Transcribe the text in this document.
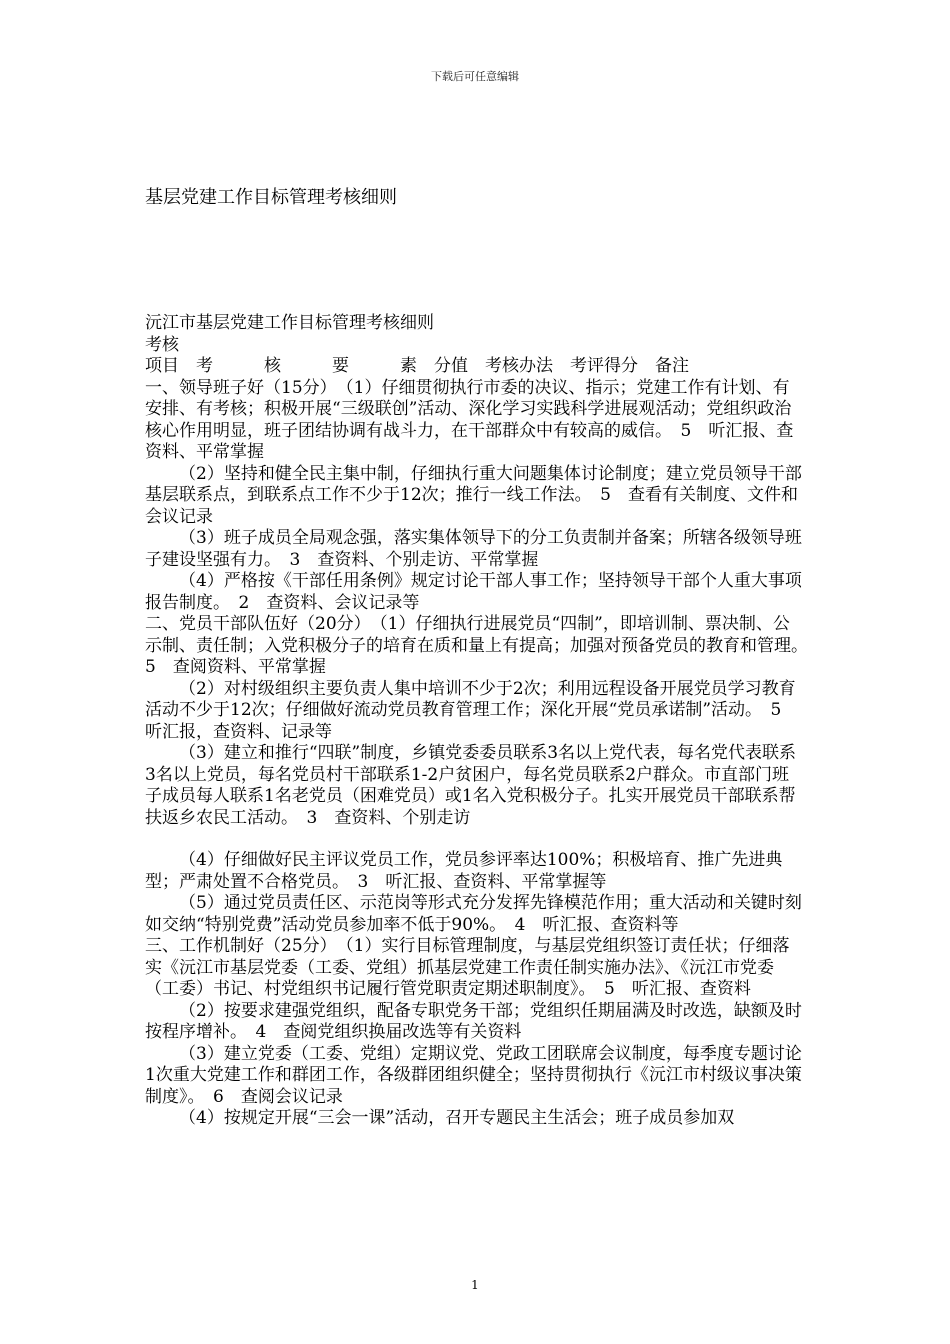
下载后可任意编辑
基层党建工作目标管理考核细则

沅江市基层党建工作目标管理考核细则

考核

项目　考　　　核　　　要　　　素　分值　考核办法　考评得分　备注

一、领导班子好（15分）　（1）仔细贯彻执行市委的决议、指示；党建工作有计划、有安排、有考核；积极开展“三级联创”活动、深化学习实践科学进展观活动；党组织政治核心作用明显，班子团结协调有战斗力，在干部群众中有较高的威信。　5　听汇报、查资料、平常掌握

（2）坚持和健全民主集中制，仔细执行重大问题集体讨论制度；建立党员领导干部基层联系点，到联系点工作不少于12次；推行一线工作法。　5　查看有关制度、文件和会议记录

（3）班子成员全局观念强，落实集体领导下的分工负责制并备案；所辖各级领导班子建设坚强有力。　3　查资料、个别走访、平常掌握

（4）严格按《干部任用条例》规定讨论干部人事工作；坚持领导干部个人重大事项报告制度。　2　查资料、会议记录等

二、党员干部队伍好（20分）　（1）仔细执行进展党员“四制”，即培训制、票决制、公示制、责任制；入党积极分子的培育在质和量上有提高；加强对预备党员的教育和管理。　5　查阅资料、平常掌握

（2）对村级组织主要负责人集中培训不少于2次；利用远程设备开展党员学习教育活动不少于12次；仔细做好流动党员教育管理工作；深化开展“党员承诺制”活动。　5　听汇报，查资料、记录等

（3）建立和推行“四联”制度，乡镇党委委员联系3名以上党代表，每名党代表联系3名以上党员，每名党员村干部联系1-2户贫困户，每名党员联系2户群众。市直部门班子成员每人联系1名老党员（困难党员）或1名入党积极分子。扎实开展党员干部联系帮扶返乡农民工活动。　3　查资料、个别走访

（4）仔细做好民主评议党员工作，党员参评率达100%；积极培育、推广先进典型；严肃处置不合格党员。　3　听汇报、查资料、平常掌握等

（5）通过党员责任区、示范岗等形式充分发挥先锋模范作用；重大活动和关键时刻如交纳“特别党费”活动党员参加率不低于90%。　4　听汇报、查资料等

三、工作机制好（25分）　（1）实行目标管理制度，与基层党组织签订责任状；仔细落实《沅江市基层党委（工委、党组）抓基层党建工作责任制实施办法》、《沅江市党委（工委）书记、村党组织书记履行管党职责定期述职制度》。　5　听汇报、查资料

（2）按要求建强党组织，配备专职党务干部；党组织任期届满及时改选，缺额及时按程序增补。　4　查阅党组织换届改选等有关资料

（3）建立党委（工委、党组）定期议党、党政工团联席会议制度，每季度专题讨论1次重大党建工作和群团工作，各级群团组织健全；坚持贯彻执行《沅江市村级议事决策制度》。　6　查阅会议记录

（4）按规定开展“三会一课”活动，召开专题民主生活会；班子成员参加双

1
